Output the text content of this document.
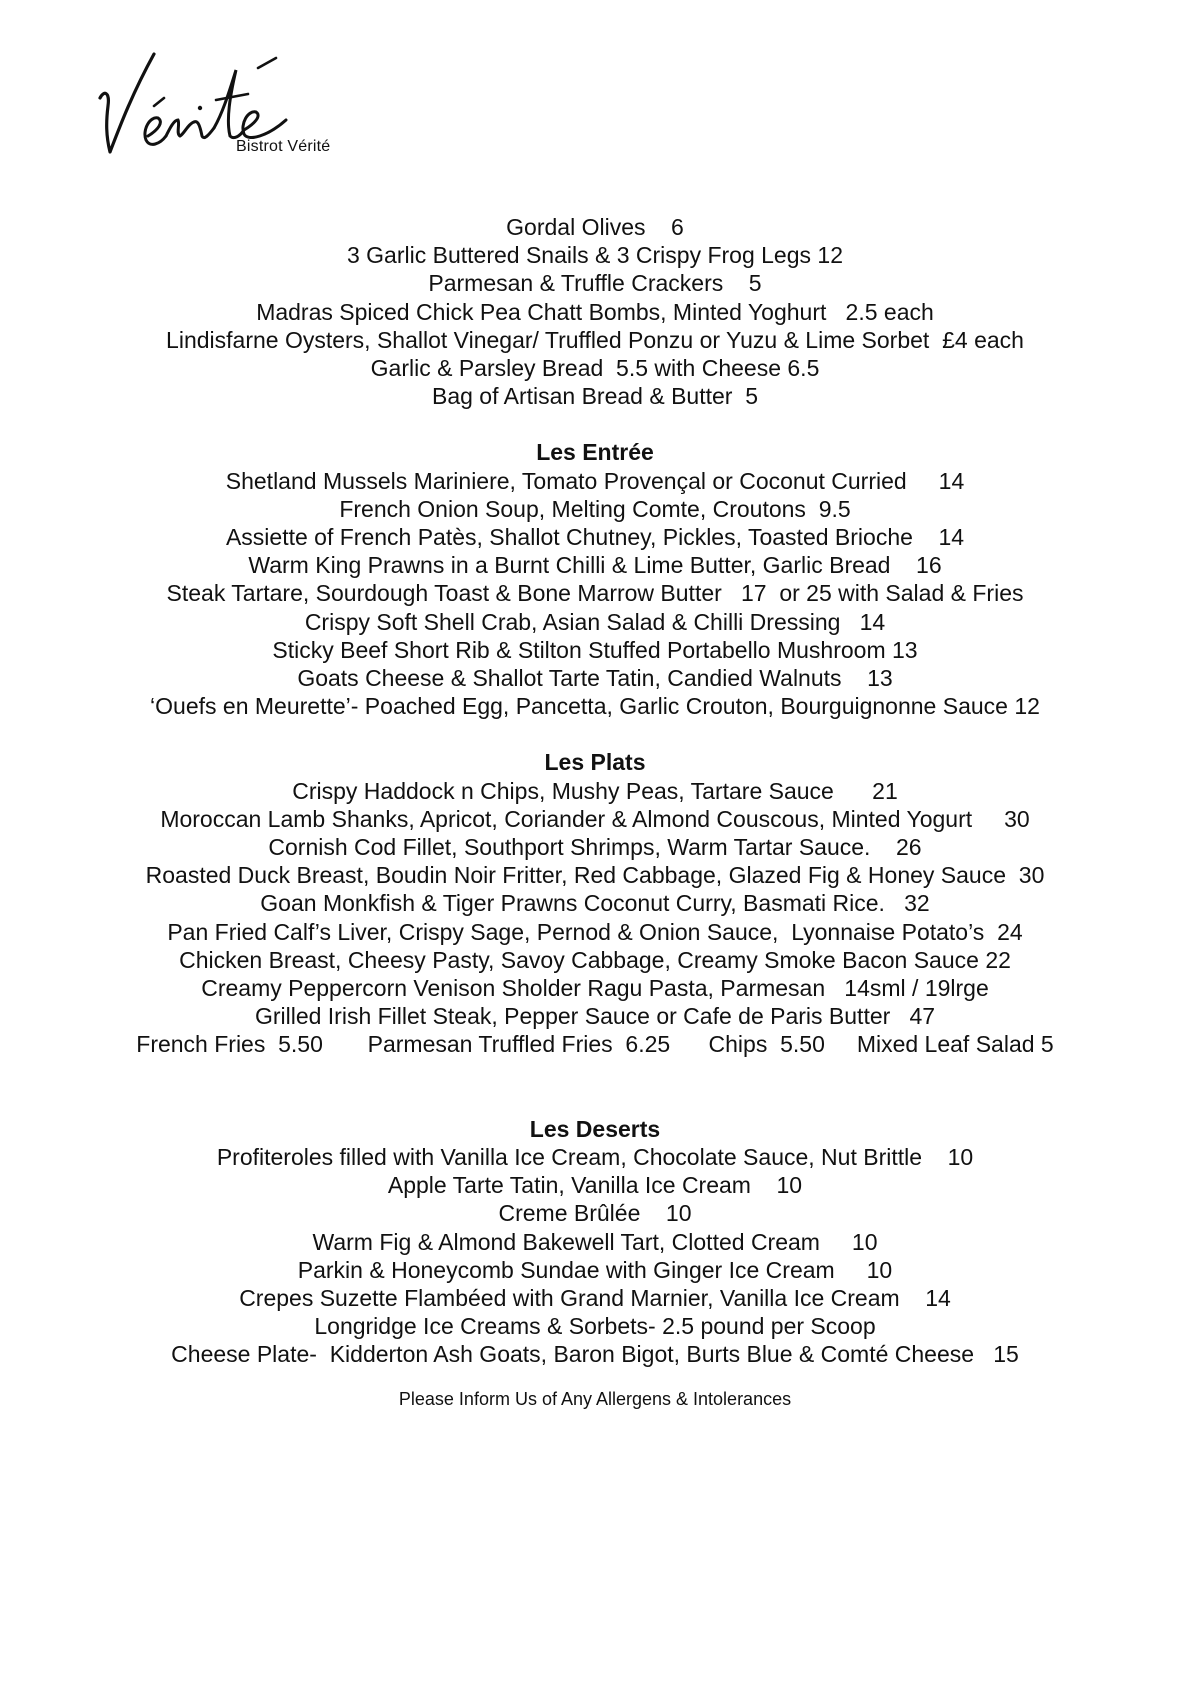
Bistrot Vérité
Gordal Olives    6
3 Garlic Buttered Snails & 3 Crispy Frog Legs 12
Parmesan & Truffle Crackers    5
Madras Spiced Chick Pea Chatt Bombs, Minted Yoghurt   2.5 each
Lindisfarne Oysters, Shallot Vinegar/ Truffled Ponzu or Yuzu & Lime Sorbet  £4 each
Garlic & Parsley Bread  5.5 with Cheese 6.5
Bag of Artisan Bread & Butter  5
Les Entrée
Shetland Mussels Mariniere, Tomato Provençal or Coconut Curried     14
French Onion Soup, Melting Comte, Croutons  9.5
Assiette of French Patès, Shallot Chutney, Pickles, Toasted Brioche    14
Warm King Prawns in a Burnt Chilli & Lime Butter, Garlic Bread    16
Steak Tartare, Sourdough Toast & Bone Marrow Butter   17  or 25 with Salad & Fries
Crispy Soft Shell Crab, Asian Salad & Chilli Dressing   14
Sticky Beef Short Rib & Stilton Stuffed Portabello Mushroom 13
Goats Cheese & Shallot Tarte Tatin, Candied Walnuts    13
‘Ouefs en Meurette’- Poached Egg, Pancetta, Garlic Crouton, Bourguignonne Sauce 12
Les Plats
Crispy Haddock n Chips, Mushy Peas, Tartare Sauce      21
Moroccan Lamb Shanks, Apricot, Coriander & Almond Couscous, Minted Yogurt     30
Cornish Cod Fillet, Southport Shrimps, Warm Tartar Sauce.    26
Roasted Duck Breast, Boudin Noir Fritter, Red Cabbage, Glazed Fig & Honey Sauce  30
Goan Monkfish & Tiger Prawns Coconut Curry, Basmati Rice.   32
Pan Fried Calf’s Liver, Crispy Sage, Pernod & Onion Sauce,  Lyonnaise Potato’s  24
Chicken Breast, Cheesy Pasty, Savoy Cabbage, Creamy Smoke Bacon Sauce 22
Creamy Peppercorn Venison Sholder Ragu Pasta, Parmesan   14sml / 19lrge
Grilled Irish Fillet Steak, Pepper Sauce or Cafe de Paris Butter   47
French Fries  5.50       Parmesan Truffled Fries  6.25      Chips  5.50     Mixed Leaf Salad 5
Les Deserts
Profiteroles filled with Vanilla Ice Cream, Chocolate Sauce, Nut Brittle    10
Apple Tarte Tatin, Vanilla Ice Cream    10
Creme Brûlée    10
Warm Fig & Almond Bakewell Tart, Clotted Cream     10
Parkin & Honeycomb Sundae with Ginger Ice Cream     10
Crepes Suzette Flambéed with Grand Marnier, Vanilla Ice Cream    14
Longridge Ice Creams & Sorbets- 2.5 pound per Scoop
Cheese Plate-  Kidderton Ash Goats, Baron Bigot, Burts Blue & Comté Cheese   15
Please Inform Us of Any Allergens & Intolerances
